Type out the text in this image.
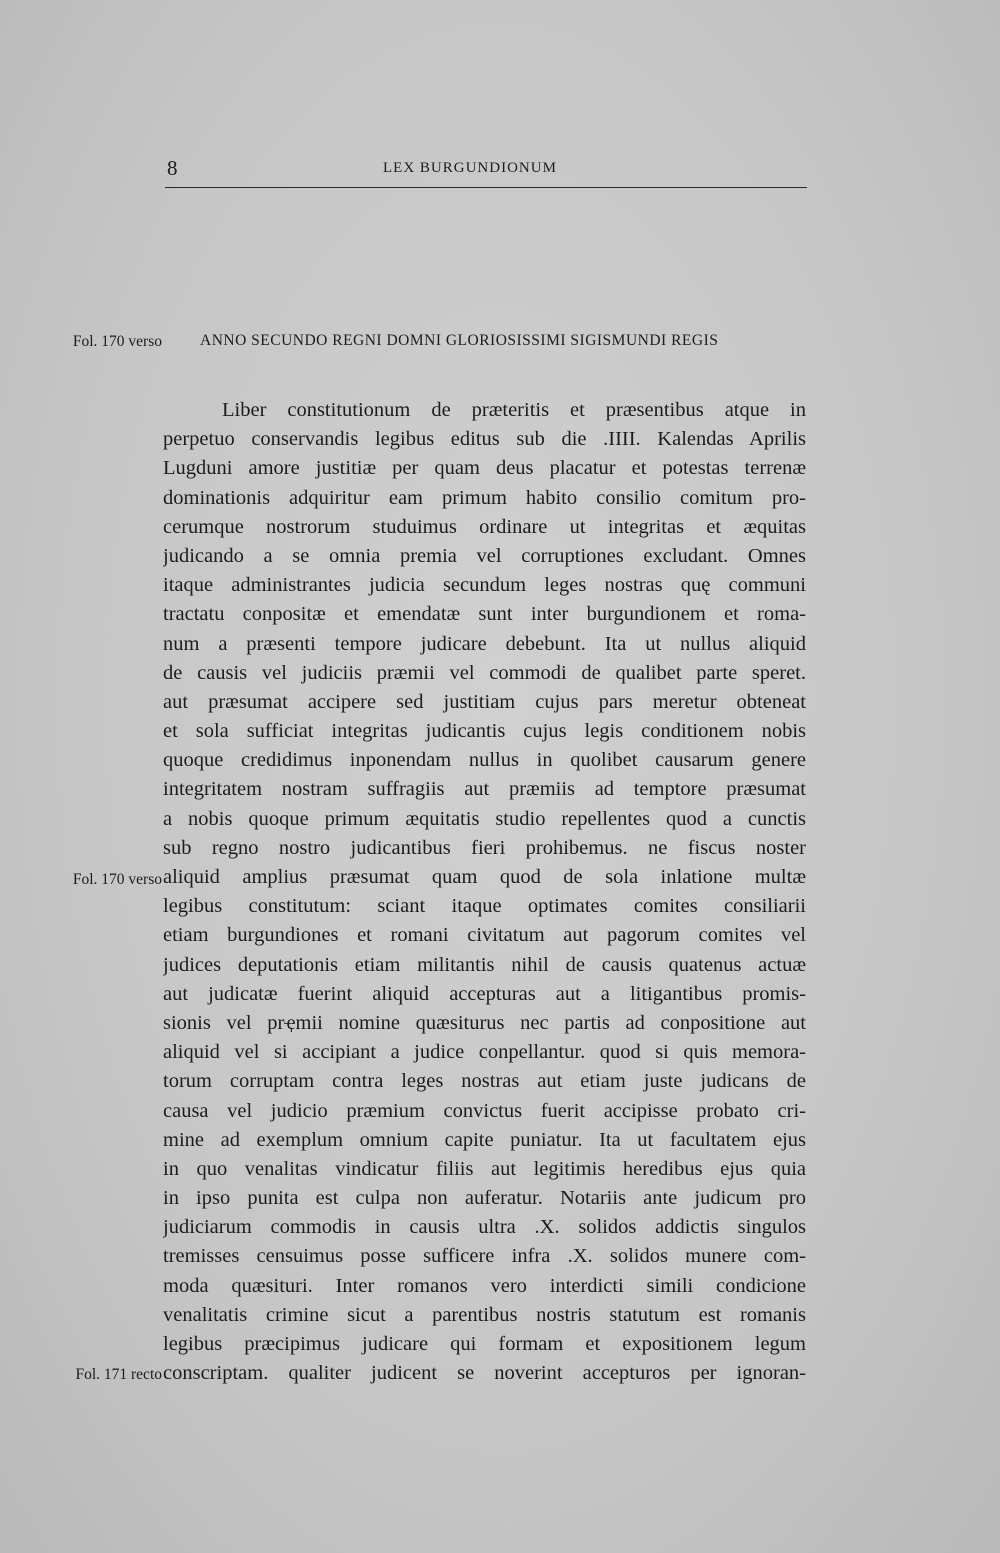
8	LEX BURGUNDIONUM
Fol. 170 verso
Fol. 170 verso
Fol. 171 recto
ANNO SECUNDO REGNI DOMNI GLORIOSISSIMI SIGISMUNDI REGIS
Liber constitutionum de præteritis et præsentibus atque in
perpetuo conservandis legibus editus sub die .IIII. Kalendas Aprilis
Lugduni amore justitiæ per quam deus placatur et potestas terrenæ
dominationis adquiritur eam primum habito consilio comitum pro-
cerumque nostrorum studuimus ordinare ut integritas et æquitas
judicando a se omnia premia vel corruptiones excludant. Omnes
itaque administrantes judicia secundum leges nostras quę communi
tractatu conpositæ et emendatæ sunt inter burgundionem et roma-
num a præsenti tempore judicare debebunt. Ita ut nullus aliquid
de causis vel judiciis præmii vel commodi de qualibet parte speret.
aut præsumat accipere sed justitiam cujus pars meretur obteneat
et sola sufficiat integritas judicantis cujus legis conditionem nobis
quoque credidimus inponendam nullus in quolibet causarum genere
integritatem nostram suffragiis aut præmiis ad temptore præsumat
a nobis quoque primum æquitatis studio repellentes quod a cunctis
sub regno nostro judicantibus fieri prohibemus. ne fiscus noster
aliquid amplius præsumat quam quod de sola inlatione multæ
legibus constitutum: sciant itaque optimates comites consiliarii
etiam burgundiones et romani civitatum aut pagorum comites vel
judices deputationis etiam militantis nihil de causis quatenus actuæ
aut judicatæ fuerint aliquid accepturas aut a litigantibus promis-
sionis vel prҿmii nomine quæsiturus nec partis ad conpositione aut
aliquid vel si accipiant a judice conpellantur. quod si quis memora-
torum corruptam contra leges nostras aut etiam juste judicans de
causa vel judicio præmium convictus fuerit accipisse probato cri-
mine ad exemplum omnium capite puniatur. Ita ut facultatem ejus
in quo venalitas vindicatur filiis aut legitimis heredibus ejus quia
in ipso punita est culpa non auferatur. Notariis ante judicum pro
judiciarum commodis in causis ultra .X. solidos addictis singulos
tremisses censuimus posse sufficere infra .X. solidos munere com-
moda quæsituri. Inter romanos vero interdicti simili condicione
venalitatis crimine sicut a parentibus nostris statutum est romanis
legibus præcipimus judicare qui formam et expositionem legum
conscriptam. qualiter judicent se noverint accepturos per ignoran-
